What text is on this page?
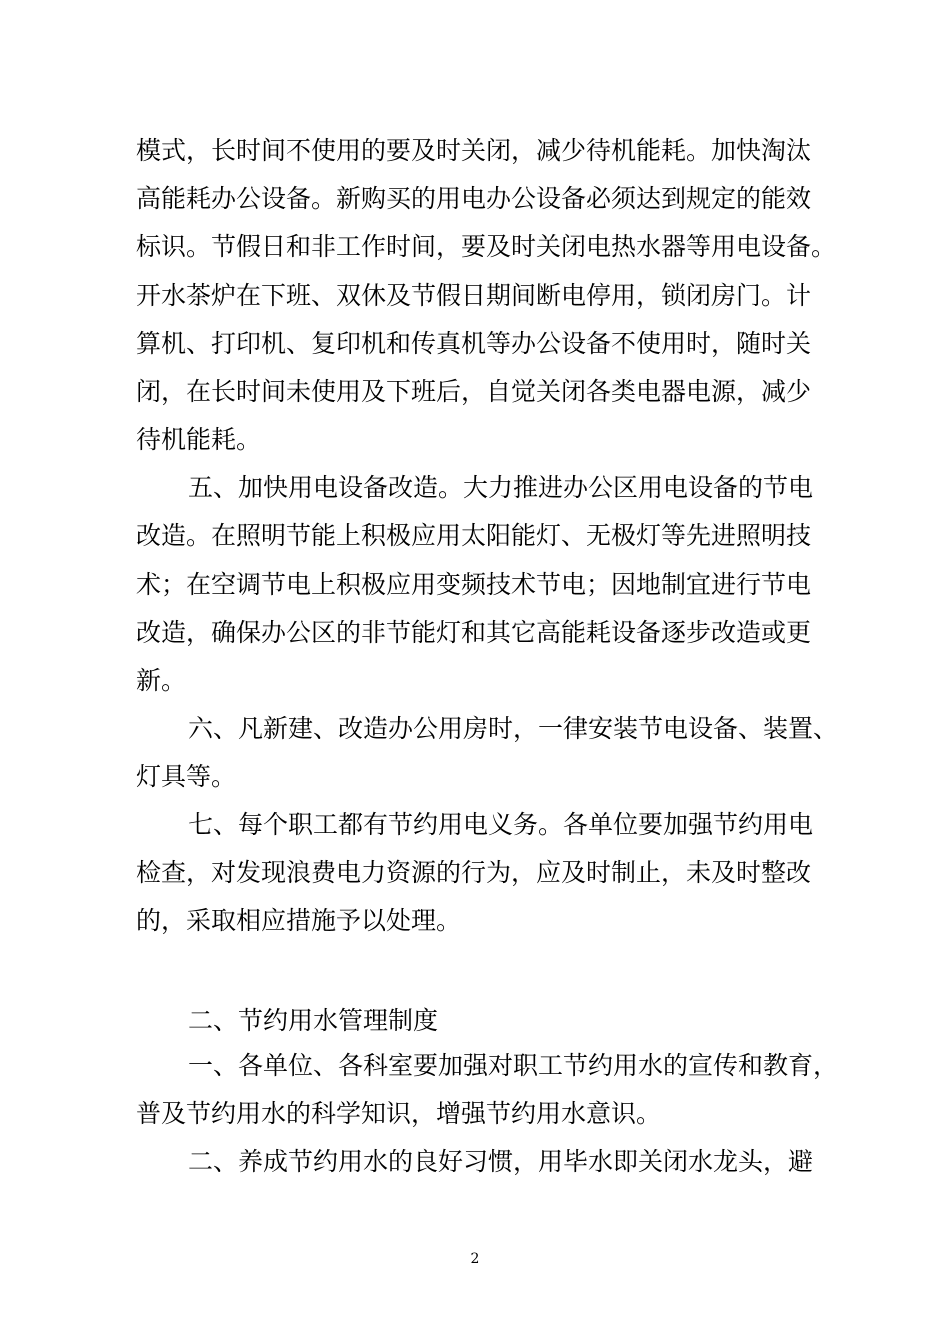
模式，长时间不使用的要及时关闭，减少待机能耗。加快淘汰
高能耗办公设备。新购买的用电办公设备必须达到规定的能效
标识。节假日和非工作时间，要及时关闭电热水器等用电设备。
开水茶炉在下班、双休及节假日期间断电停用，锁闭房门。计
算机、打印机、复印机和传真机等办公设备不使用时，随时关
闭，在长时间未使用及下班后，自觉关闭各类电器电源，减少
待机能耗。
五、加快用电设备改造。大力推进办公区用电设备的节电
改造。在照明节能上积极应用太阳能灯、无极灯等先进照明技
术；在空调节电上积极应用变频技术节电；因地制宜进行节电
改造，确保办公区的非节能灯和其它高能耗设备逐步改造或更
新。
六、凡新建、改造办公用房时，一律安装节电设备、装置、
灯具等。
七、每个职工都有节约用电义务。各单位要加强节约用电
检查，对发现浪费电力资源的行为，应及时制止，未及时整改
的，采取相应措施予以处理。
二、节约用水管理制度
一、各单位、各科室要加强对职工节约用水的宣传和教育，
普及节约用水的科学知识，增强节约用水意识。
二、养成节约用水的良好习惯，用毕水即关闭水龙头，避
2
